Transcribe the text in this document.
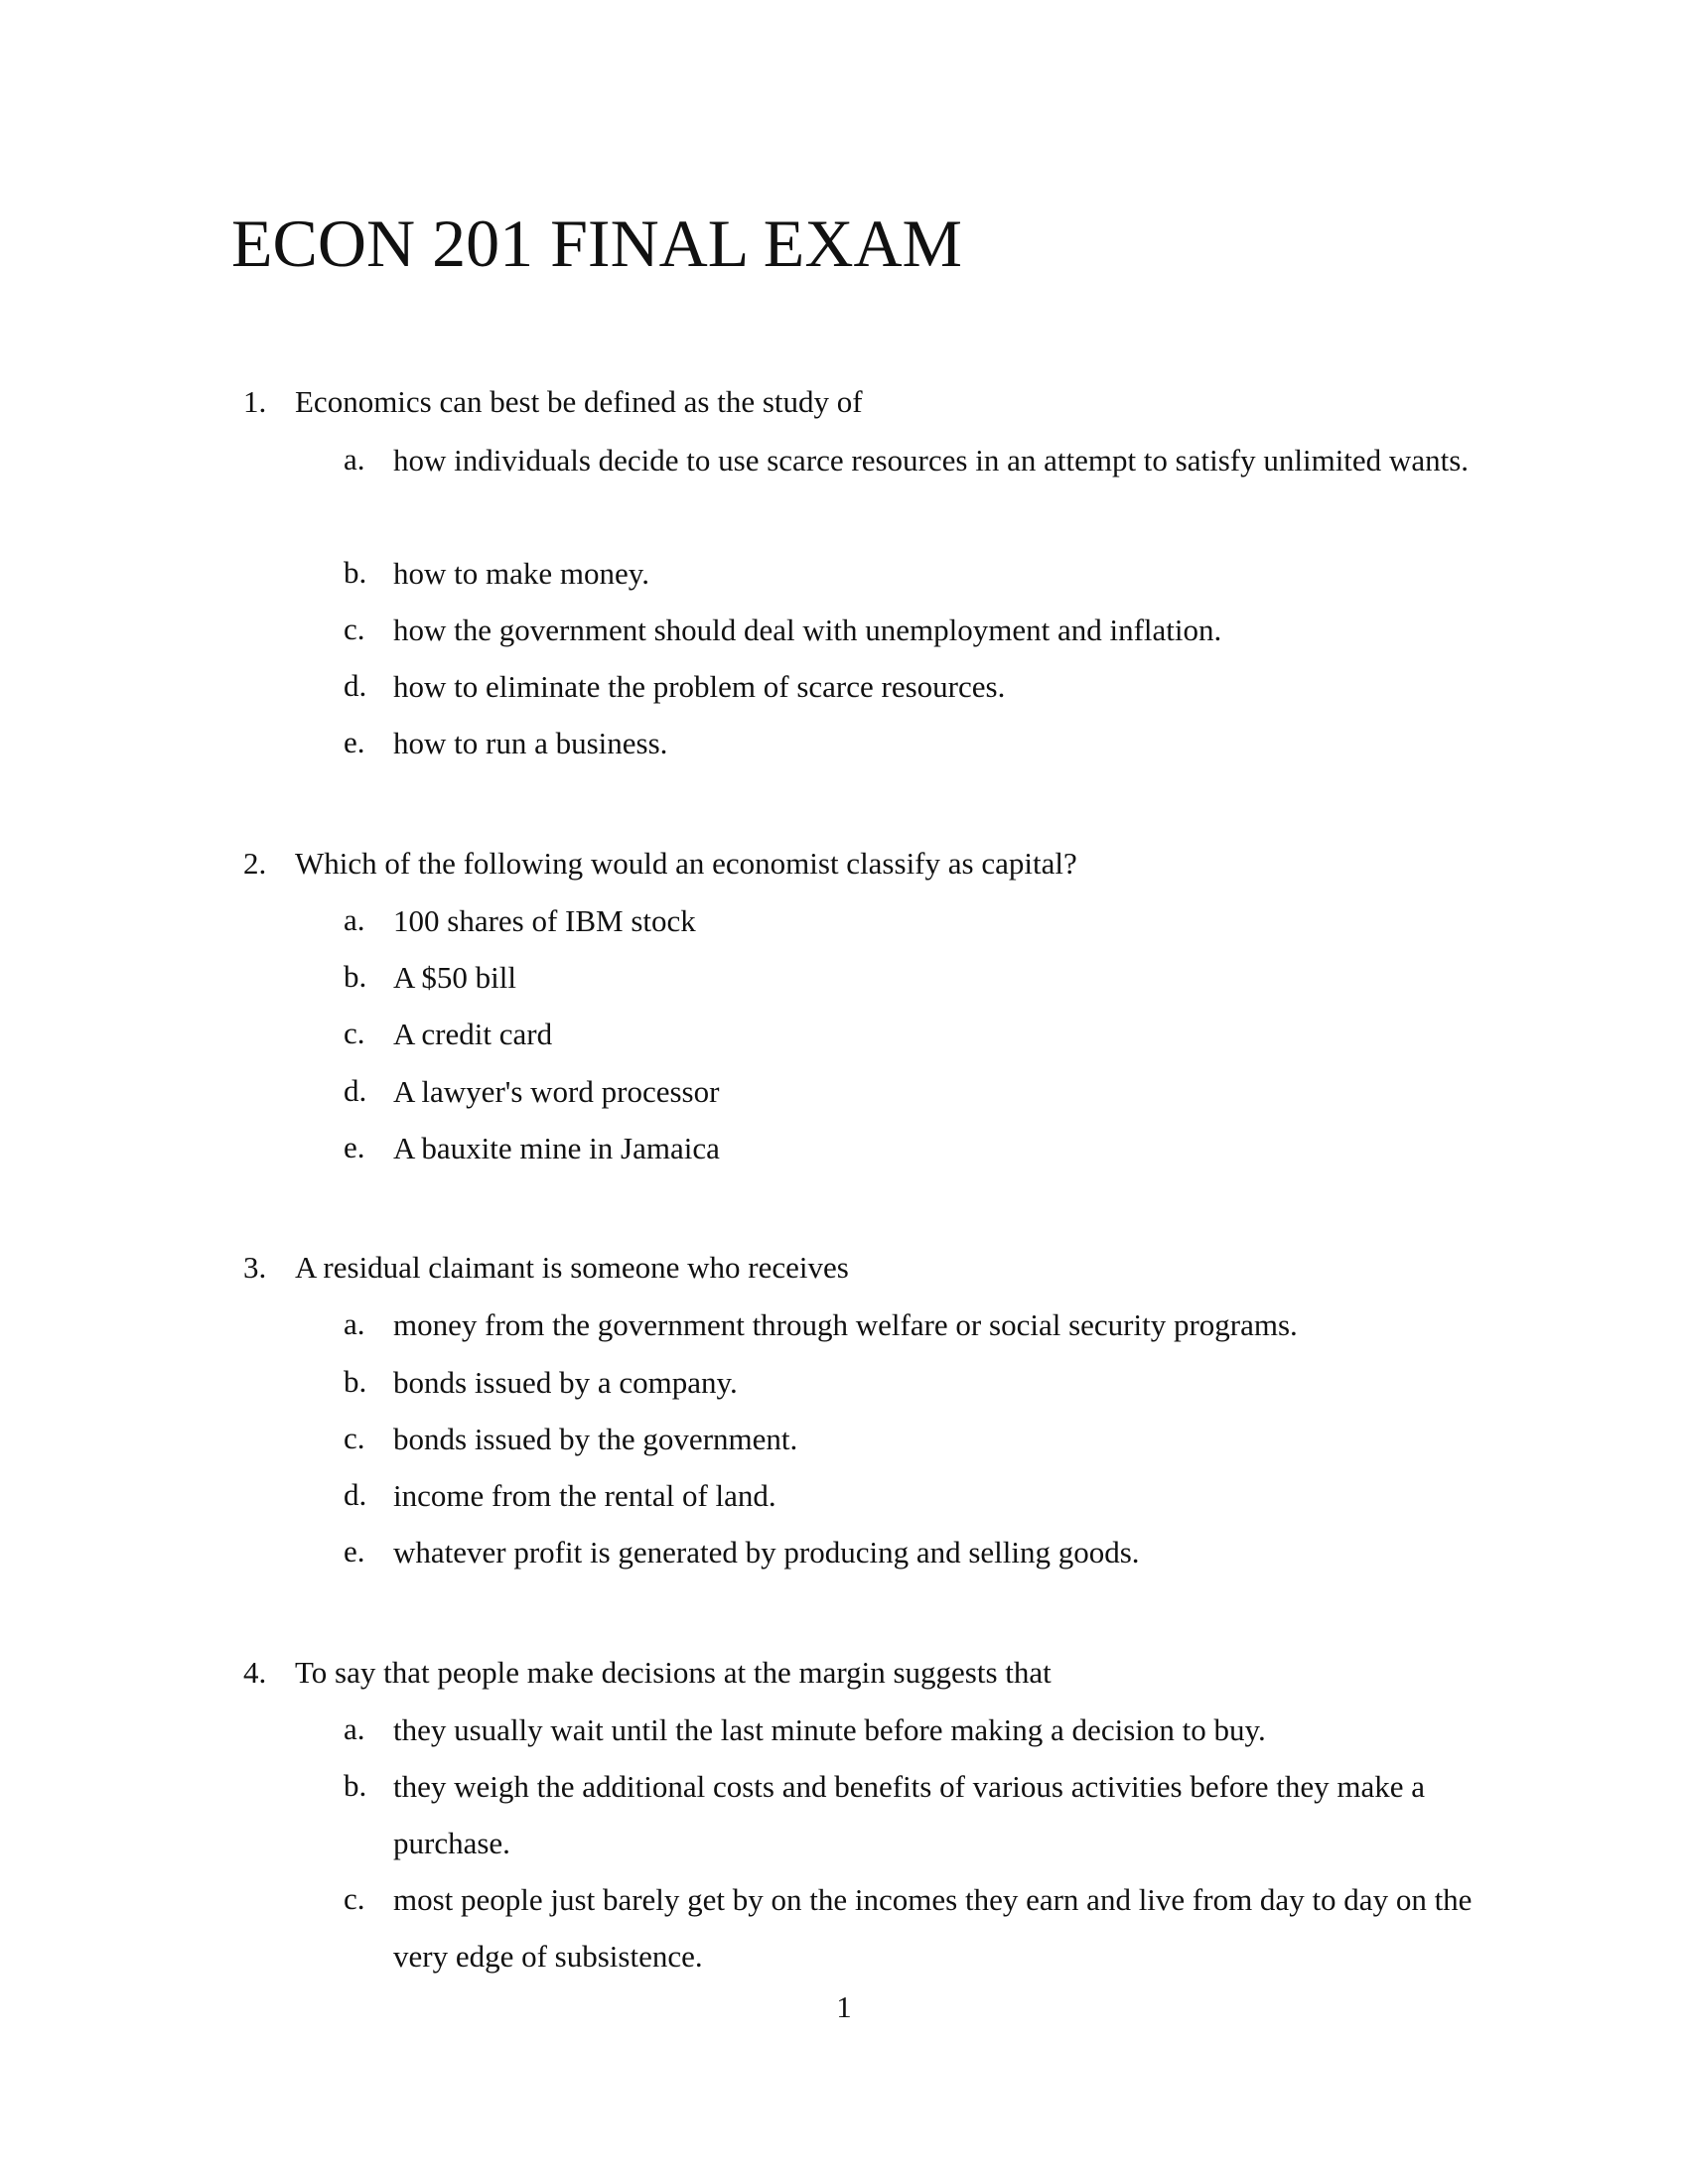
ECON 201 FINAL EXAM
1. Economics can best be defined as the study of
a. how individuals decide to use scarce resources in an attempt to satisfy unlimited wants.
b. how to make money.
c. how the government should deal with unemployment and inflation.
d. how to eliminate the problem of scarce resources.
e. how to run a business.
2. Which of the following would an economist classify as capital?
a. 100 shares of IBM stock
b. A $50 bill
c. A credit card
d. A lawyer's word processor
e. A bauxite mine in Jamaica
3. A residual claimant is someone who receives
a. money from the government through welfare or social security programs.
b. bonds issued by a company.
c. bonds issued by the government.
d. income from the rental of land.
e. whatever profit is generated by producing and selling goods.
4. To say that people make decisions at the margin suggests that
a. they usually wait until the last minute before making a decision to buy.
b. they weigh the additional costs and benefits of various activities before they make a purchase.
c. most people just barely get by on the incomes they earn and live from day to day on the very edge of subsistence.
1
